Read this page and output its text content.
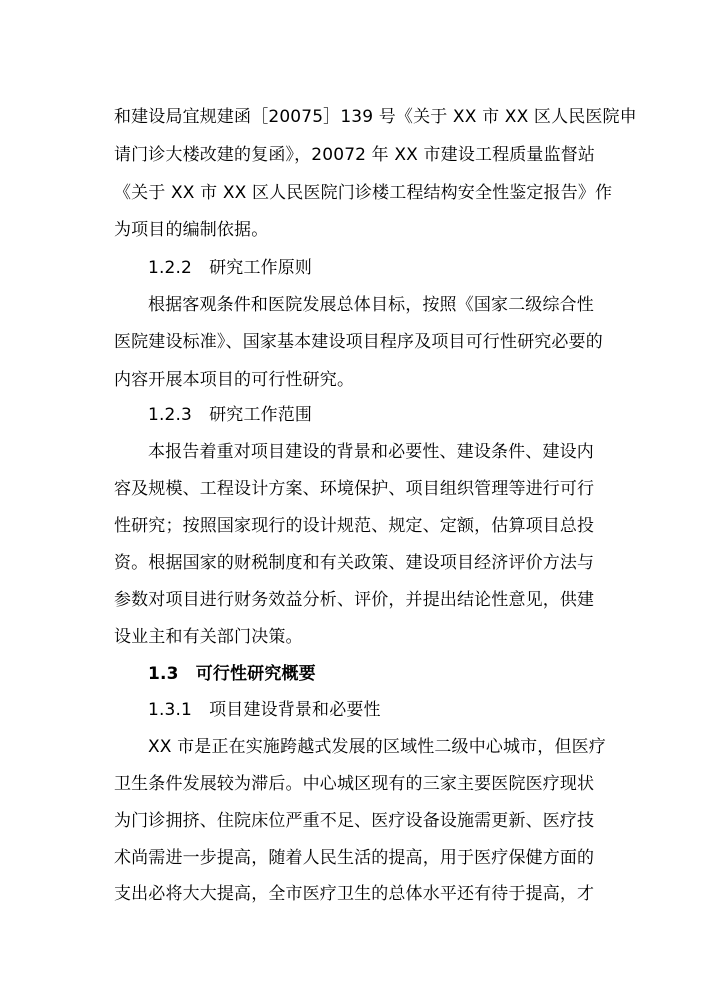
和建设局宜规建函［20075］139 号《关于 XX 市 XX 区人民医院申
请门诊大楼改建的复函》，20072 年 XX 市建设工程质量监督站
《关于 XX 市 XX 区人民医院门诊楼工程结构安全性鉴定报告》作
为项目的编制依据。
1.2.2　研究工作原则
根据客观条件和医院发展总体目标，按照《国家二级综合性
医院建设标准》、国家基本建设项目程序及项目可行性研究必要的
内容开展本项目的可行性研究。
1.2.3　研究工作范围
本报告着重对项目建设的背景和必要性、建设条件、建设内
容及规模、工程设计方案、环境保护、项目组织管理等进行可行
性研究；按照国家现行的设计规范、规定、定额，估算项目总投
资。根据国家的财税制度和有关政策、建设项目经济评价方法与
参数对项目进行财务效益分析、评价，并提出结论性意见，供建
设业主和有关部门决策。
1.3　可行性研究概要
1.3.1　项目建设背景和必要性
XX 市是正在实施跨越式发展的区域性二级中心城市，但医疗
卫生条件发展较为滞后。中心城区现有的三家主要医院医疗现状
为门诊拥挤、住院床位严重不足、医疗设备设施需更新、医疗技
术尚需进一步提高，随着人民生活的提高，用于医疗保健方面的
支出必将大大提高，全市医疗卫生的总体水平还有待于提高，才
